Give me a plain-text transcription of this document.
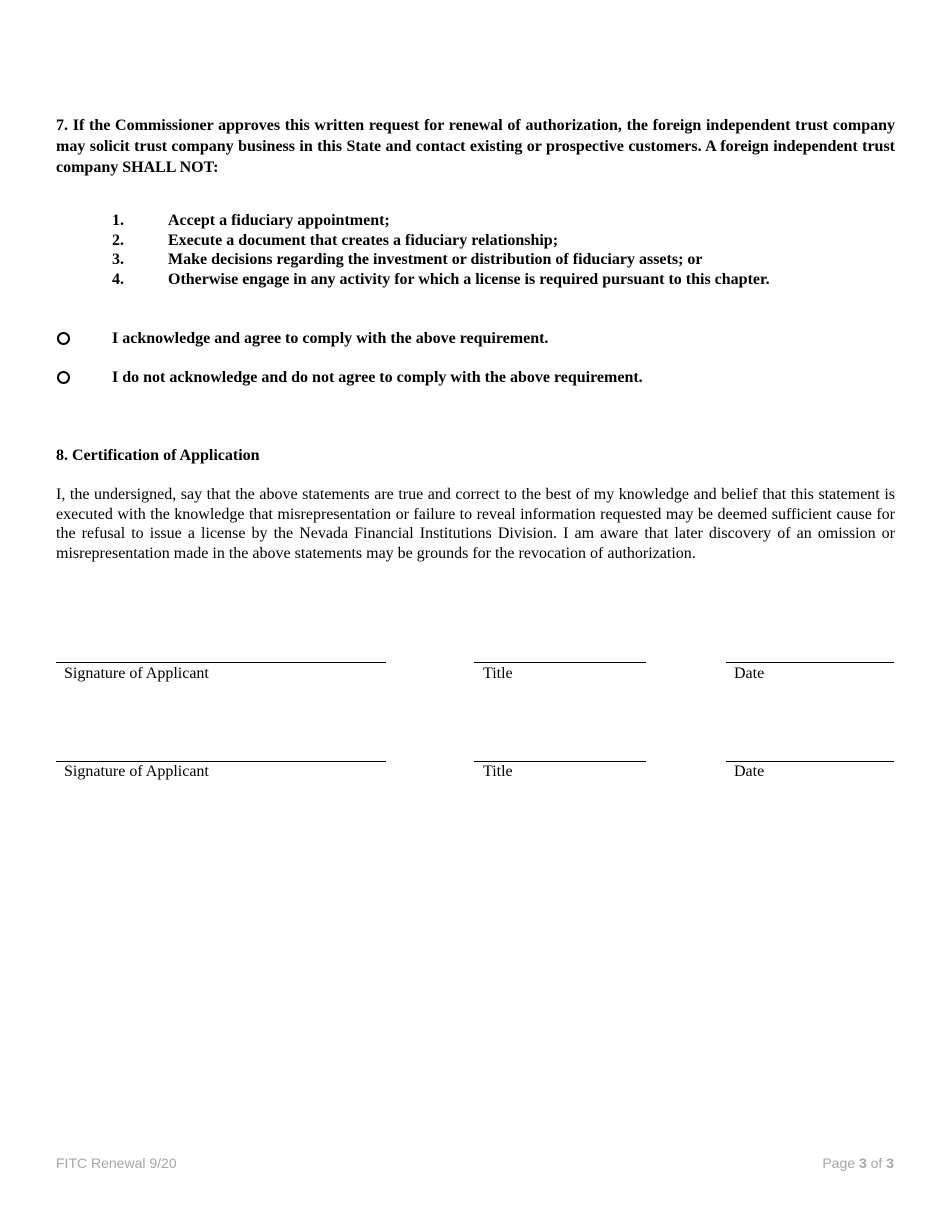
7. If the Commissioner approves this written request for renewal of authorization, the foreign independent trust company may solicit trust company business in this State and contact existing or prospective customers. A foreign independent trust company SHALL NOT:
1.	Accept a fiduciary appointment;
2.	Execute a document that creates a fiduciary relationship;
3.	Make decisions regarding the investment or distribution of fiduciary assets; or
4.	Otherwise engage in any activity for which a license is required pursuant to this chapter.
I acknowledge and agree to comply with the above requirement.
I do not acknowledge and do not agree to comply with the above requirement.
8. Certification of Application
I, the undersigned, say that the above statements are true and correct to the best of my knowledge and belief that this statement is executed with the knowledge that misrepresentation or failure to reveal information requested may be deemed sufficient cause for the refusal to issue a license by the Nevada Financial Institutions Division. I am aware that later discovery of an omission or misrepresentation made in the above statements may be grounds for the revocation of authorization.
Signature of Applicant	Title	Date
Signature of Applicant	Title	Date
FITC Renewal 9/20	Page 3 of 3
